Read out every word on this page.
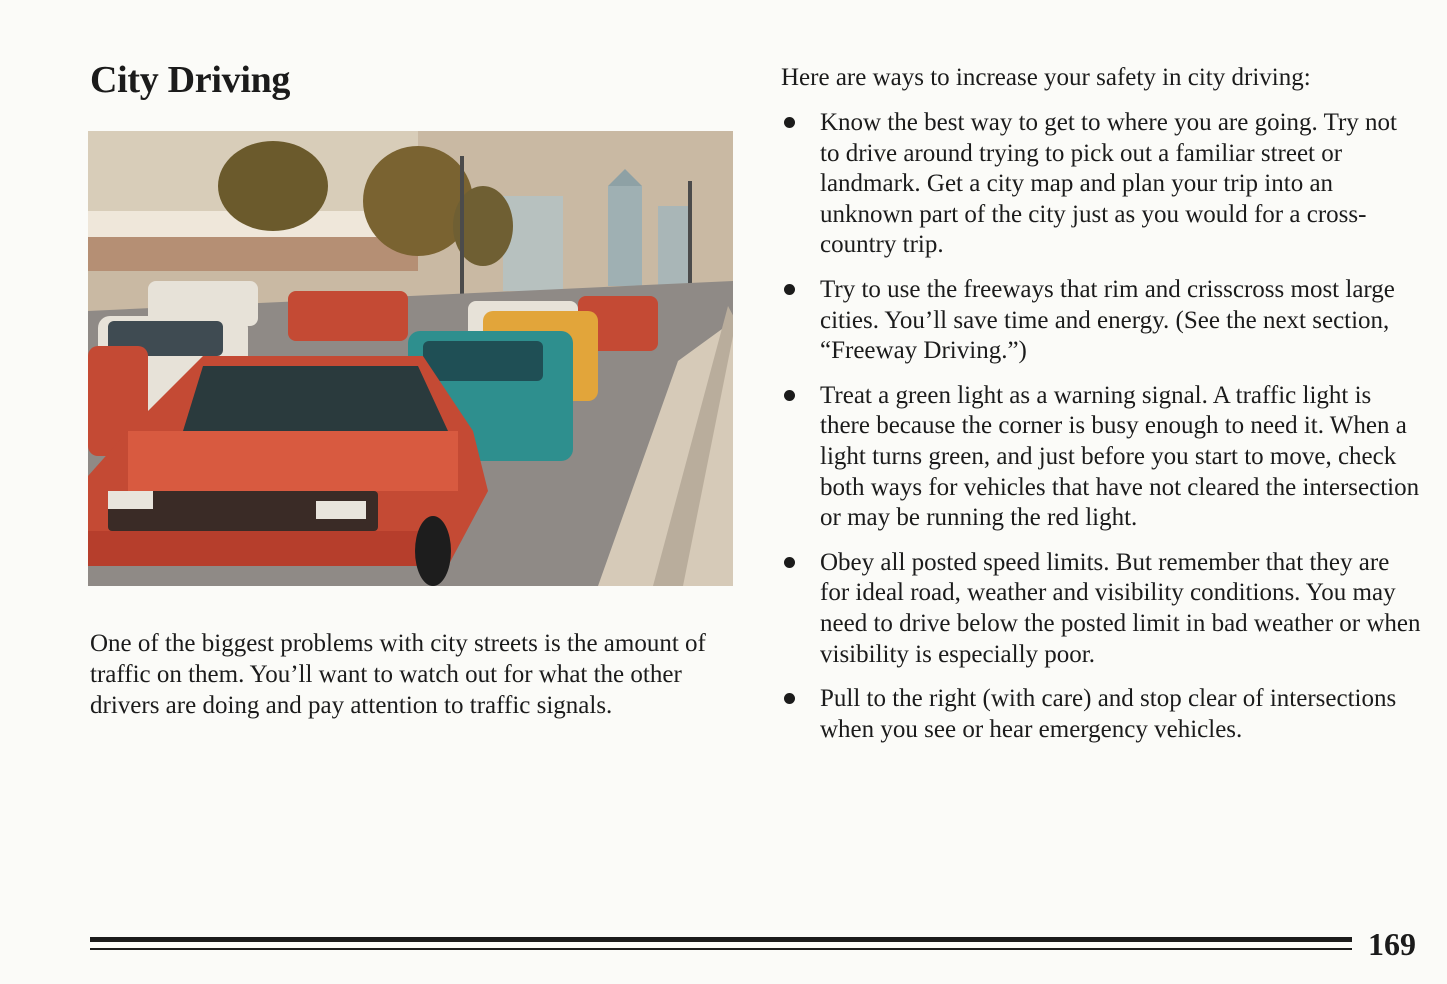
City Driving

One of the biggest problems with city streets is the amount of traffic on them. You’ll want to watch out for what the other drivers are doing and pay attention to traffic signals.

Here are ways to increase your safety in city driving:

Know the best way to get to where you are going. Try not to drive around trying to pick out a familiar street or landmark. Get a city map and plan your trip into an unknown part of the city just as you would for a cross-country trip.
Try to use the freeways that rim and crisscross most large cities. You’ll save time and energy. (See the next section, “Freeway Driving.”)
Treat a green light as a warning signal. A traffic light is there because the corner is busy enough to need it. When a light turns green, and just before you start to move, check both ways for vehicles that have not cleared the intersection or may be running the red light.
Obey all posted speed limits. But remember that they are for ideal road, weather and visibility conditions. You may need to drive below the posted limit in bad weather or when visibility is especially poor.
Pull to the right (with care) and stop clear of intersections when you see or hear emergency vehicles.

169
